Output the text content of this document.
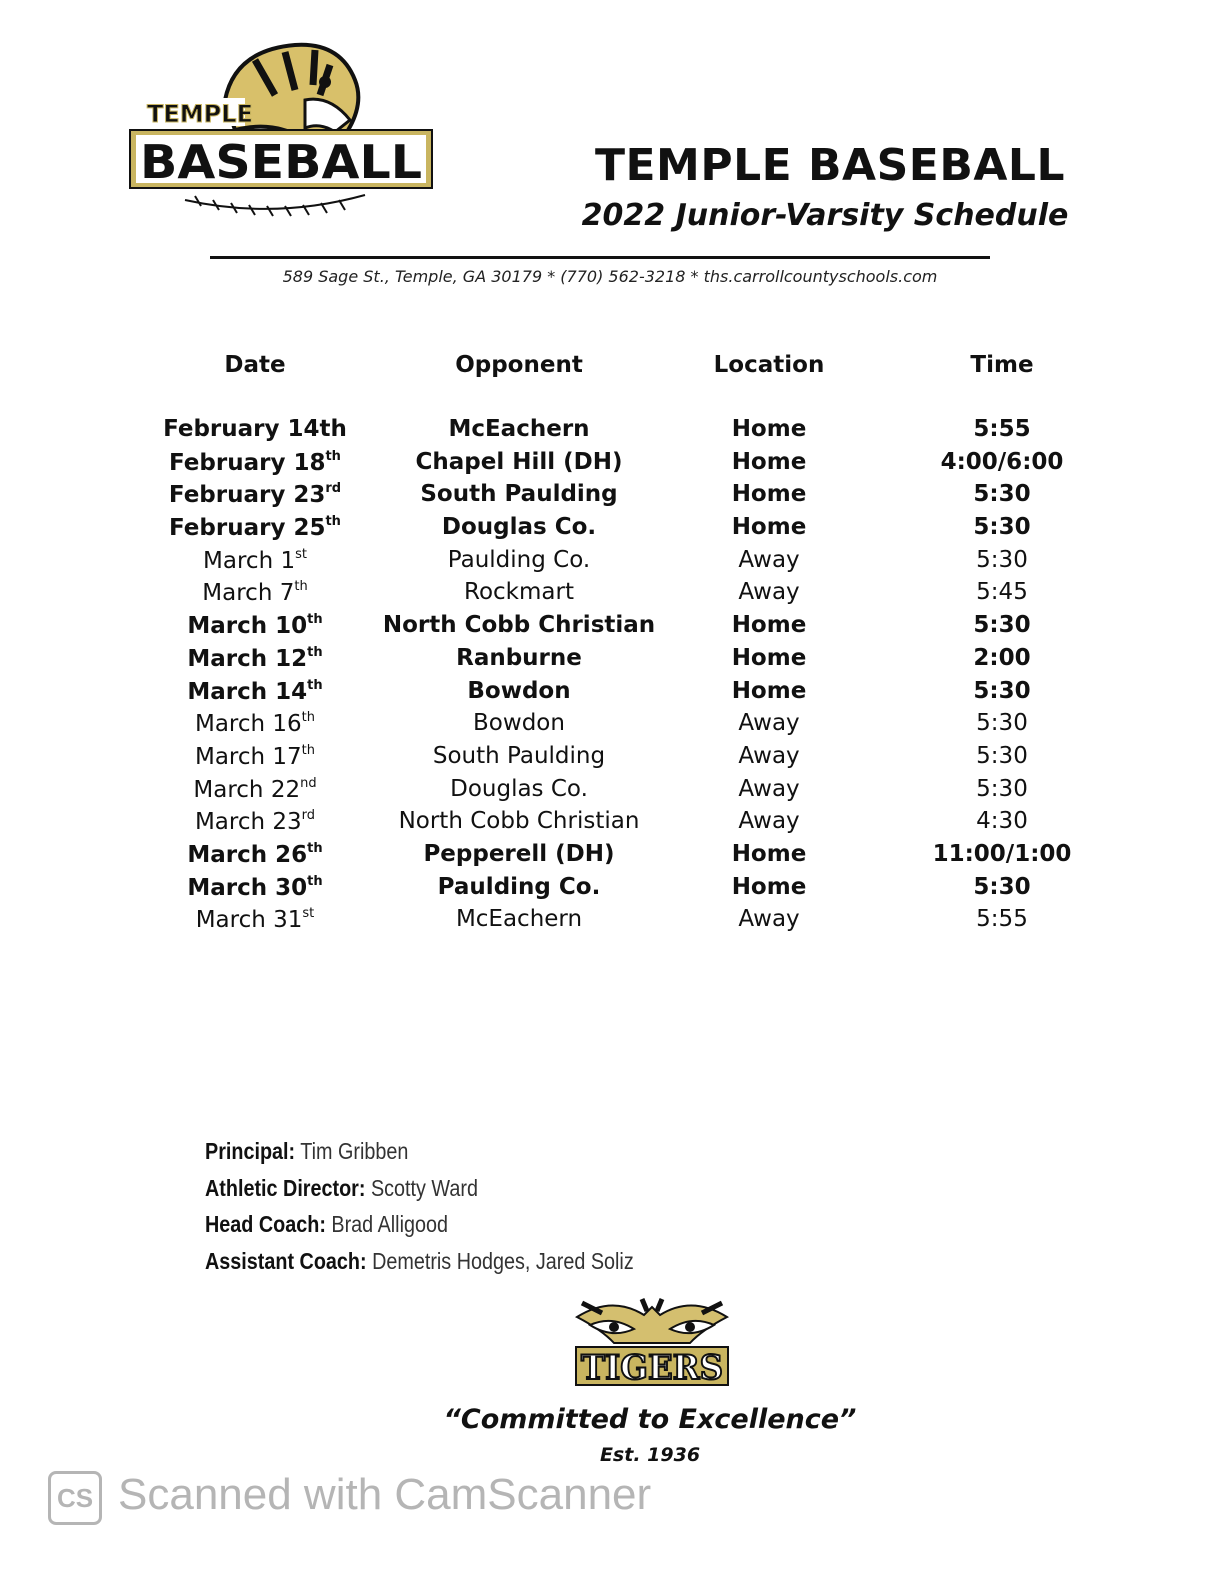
TEMPLE
BASEBALL	TEMPLE BASEBALL
2022 Junior-Varsity Schedule
589 Sage St., Temple, GA 30179 * (770) 562-3218 * ths.carrollcountyschools.com
Date	Opponent	Location	Time
February 14th	McEachern	Home	5:55
February 18th	Chapel Hill (DH)	Home	4:00/6:00
February 23rd	South Paulding	Home	5:30
February 25th	Douglas Co.	Home	5:30
March 1st	Paulding Co.	Away	5:30
March 7th	Rockmart	Away	5:45
March 10th	North Cobb Christian	Home	5:30
March 12th	Ranburne	Home	2:00
March 14th	Bowdon	Home	5:30
March 16th	Bowdon	Away	5:30
March 17th	South Paulding	Away	5:30
March 22nd	Douglas Co.	Away	5:30
March 23rd	North Cobb Christian	Away	4:30
March 26th	Pepperell (DH)	Home	11:00/1:00
March 30th	Paulding Co.	Home	5:30
March 31st	McEachern	Away	5:55
Principal: Tim Gribben
Athletic Director: Scotty Ward
Head Coach: Brad Alligood
Assistant Coach: Demetris Hodges, Jared Soliz
TIGERS
“Committed to Excellence”
Est. 1936
CS Scanned with CamScanner
